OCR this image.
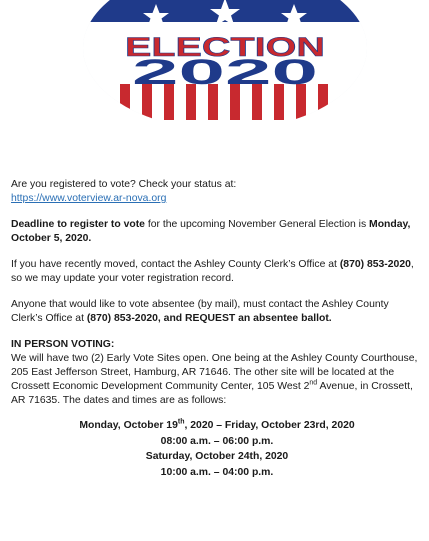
ELECTION
2020

Are you registered to vote? Check your status at:
https://www.voterview.ar-nova.org

Deadline to register to vote for the upcoming November General Election is Monday, October 5, 2020.

If you have recently moved, contact the Ashley County Clerk’s Office at (870) 853-2020, so we may update your voter registration record.

Anyone that would like to vote absentee (by mail), must contact the Ashley County Clerk’s Office at (870) 853-2020, and REQUEST an absentee ballot.

IN PERSON VOTING:
We will have two (2) Early Vote Sites open. One being at the Ashley County Courthouse, 205 East Jefferson Street, Hamburg, AR 71646. The other site will be located at the Crossett Economic Development Community Center, 105 West 2nd Avenue, in Crossett, AR 71635. The dates and times are as follows:

Monday, October 19th, 2020 – Friday, October 23rd, 2020
08:00 a.m. – 06:00 p.m.
Saturday, October 24th, 2020
10:00 a.m. – 04:00 p.m.
